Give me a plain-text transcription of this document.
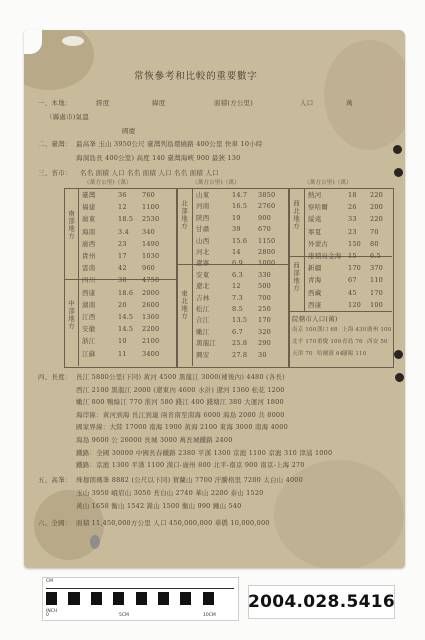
常恢參考和比較的重要數字
一、本地：	經度	緯度	面積(方公里)	人口	萬
（縣處市)氣溫
國慶
二、臺灣： 最高峯 玉山 3950公尺 臺灣列島環繞路 400公里 快車 10小時
海洞島長 400公里) 高度 140 臺灣海峽 900 最狹 130
三、省市： 名名 面積 人口 名名 面積 人口 名名 面積 人口
（萬方公里)（萬）	（萬方公里)（萬）	（萬方公里)（萬）
南部地方
中部地方
北部地方
東北地方
西北地方
西部地方
臺灣	36 760
福建	12 1100
廣東	18.5 2530
海南	3.4 340
廣西	23 1490
貴州	17 1030
雲南	42 960
四川	30 4750
西康	18.6 2000
湖南	20 2600
江西	14.5 1360
安徽	14.5 2200
浙江	10 2100
江蘇	11 3400
山東	14.7 3850
河南	16.5 2760
陝西	19	900
甘肅	39	670
山西	15.6 1150
河北	14	2800
遼寧	6.9 1000
安東	6.3 330
遼北	12	500
吉林	7.3 700
松江	8.5 250
合江	13.5 170
嫩江	6.7 320
黑龍江 25.8 290
興安	27.8 30
熱河	18 220
察哈爾	26 200
綏遠	33 220
寧夏	23 70
外蒙古	150 80
康積烏金海 15 6.5
新疆	170 370
青海	67 110
西藏	45 170
西康	120 100
院轄市人口(萬)
南京 100 漢口 68 上海 430 廣州 100
北平 170 重慶 100 青島 76 西安 50
天津 70 哈爾濱 64
瀋陽 110
四、長度： 長江 5800公里(下同) 黃河 4500 黑龍江 3000(補後內) 4480 (各長)
西江 2100 黑龍江 2000 (遼東內 4600 水計) 遼河 1360 松花 1200
嫩江 800 鴨綠江 770 淮河 580 錢江 400 錢塘江 380 大運河 1800
海岸線：黃河到海 長江到連 兩省南至南海 6000 海島 2000 共 8000
國家界線：大陸 17000 南海 1900 黃海 2100 東海 3000 南海 4000
海島 9600 公 26000 長城 3000 萬長城鐵路 2400
鐵路：全國 30000 中國長春鐵路 2380 平漢 1300 京滬 1100 京滬 310 津浦 1000
鐵路：京滬 1300 平漢 1100 漢口-廣州 800 北平-南京 900 南京-上海 270
五、高峯： 珠穆朗瑪峯 8882 (公尺以下同) 賀蘭山 7700 汗騰格里 7200 太白山 4000
玉山 3950 峨眉山 3050 長白山 2740 華山 2200 泰山 1520
黃山 1658 衡山 1542 嵩山 1500 衡山 990 鍾山 540
六、全國： 面積 11,450,000方公里 人口 450,000,000 華僑 10,000,000
CM
INCH
0	5CM	10CM
2004.028.5416
